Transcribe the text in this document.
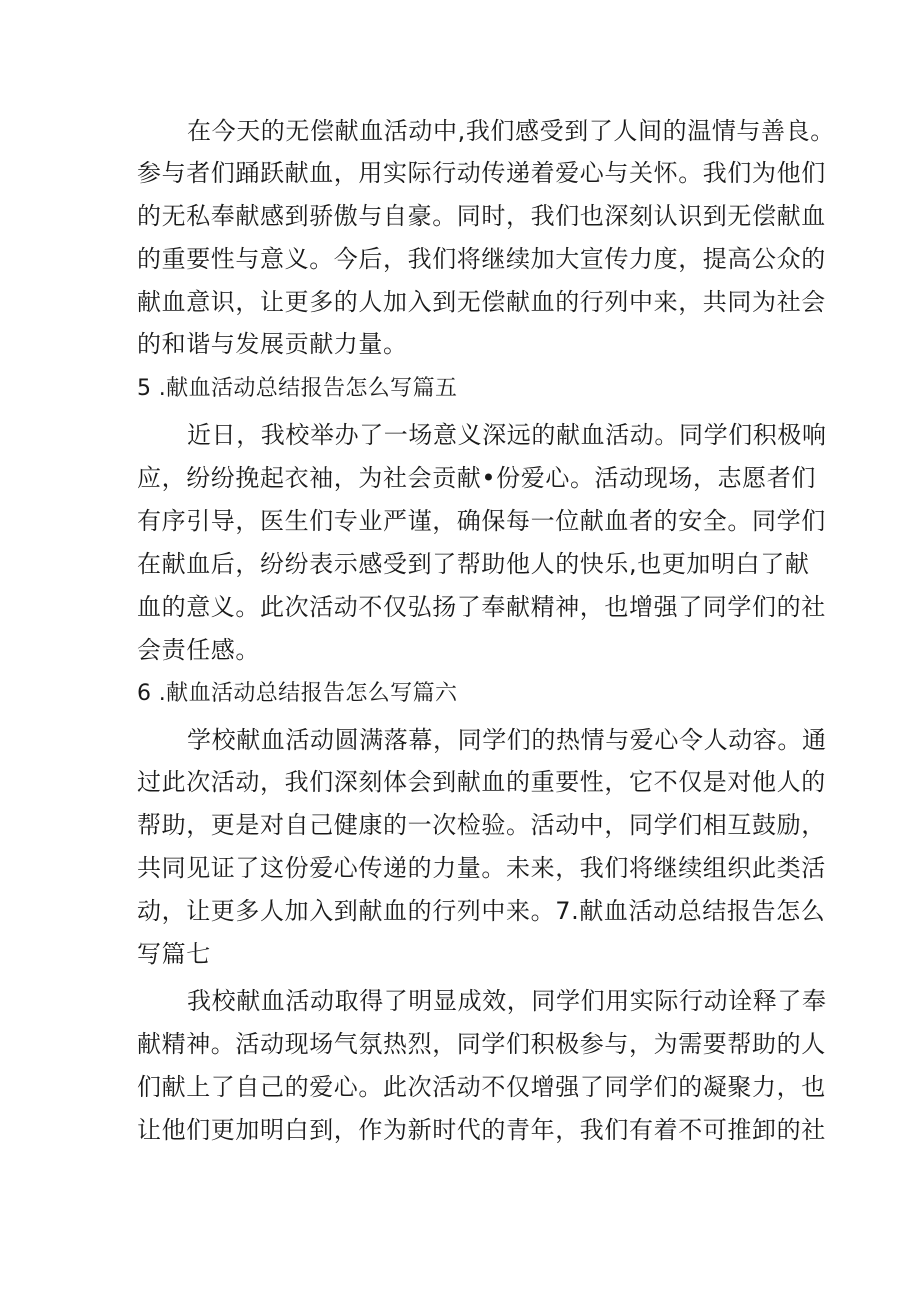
在今天的无偿献血活动中,我们感受到了人间的温情与善良。
参与者们踊跃献血，用实际行动传递着爱心与关怀。我们为他们
的无私奉献感到骄傲与自豪。同时，我们也深刻认识到无偿献血
的重要性与意义。今后，我们将继续加大宣传力度，提高公众的
献血意识，让更多的人加入到无偿献血的行列中来，共同为社会
的和谐与发展贡献力量。
5 .献血活动总结报告怎么写篇五
近日，我校举办了一场意义深远的献血活动。同学们积极响
应，纷纷挽起衣袖，为社会贡献•份爱心。活动现场，志愿者们
有序引导，医生们专业严谨，确保每一位献血者的安全。同学们
在献血后，纷纷表示感受到了帮助他人的快乐,也更加明白了献
血的意义。此次活动不仅弘扬了奉献精神，也增强了同学们的社
会责任感。
6 .献血活动总结报告怎么写篇六
学校献血活动圆满落幕，同学们的热情与爱心令人动容。通
过此次活动，我们深刻体会到献血的重要性，它不仅是对他人的
帮助，更是对自己健康的一次检验。活动中，同学们相互鼓励，
共同见证了这份爱心传递的力量。未来，我们将继续组织此类活
动，让更多人加入到献血的行列中来。7.献血活动总结报告怎么
写篇七
我校献血活动取得了明显成效，同学们用实际行动诠释了奉
献精神。活动现场气氛热烈，同学们积极参与，为需要帮助的人
们献上了自己的爱心。此次活动不仅增强了同学们的凝聚力，也
让他们更加明白到，作为新时代的青年，我们有着不可推卸的社
